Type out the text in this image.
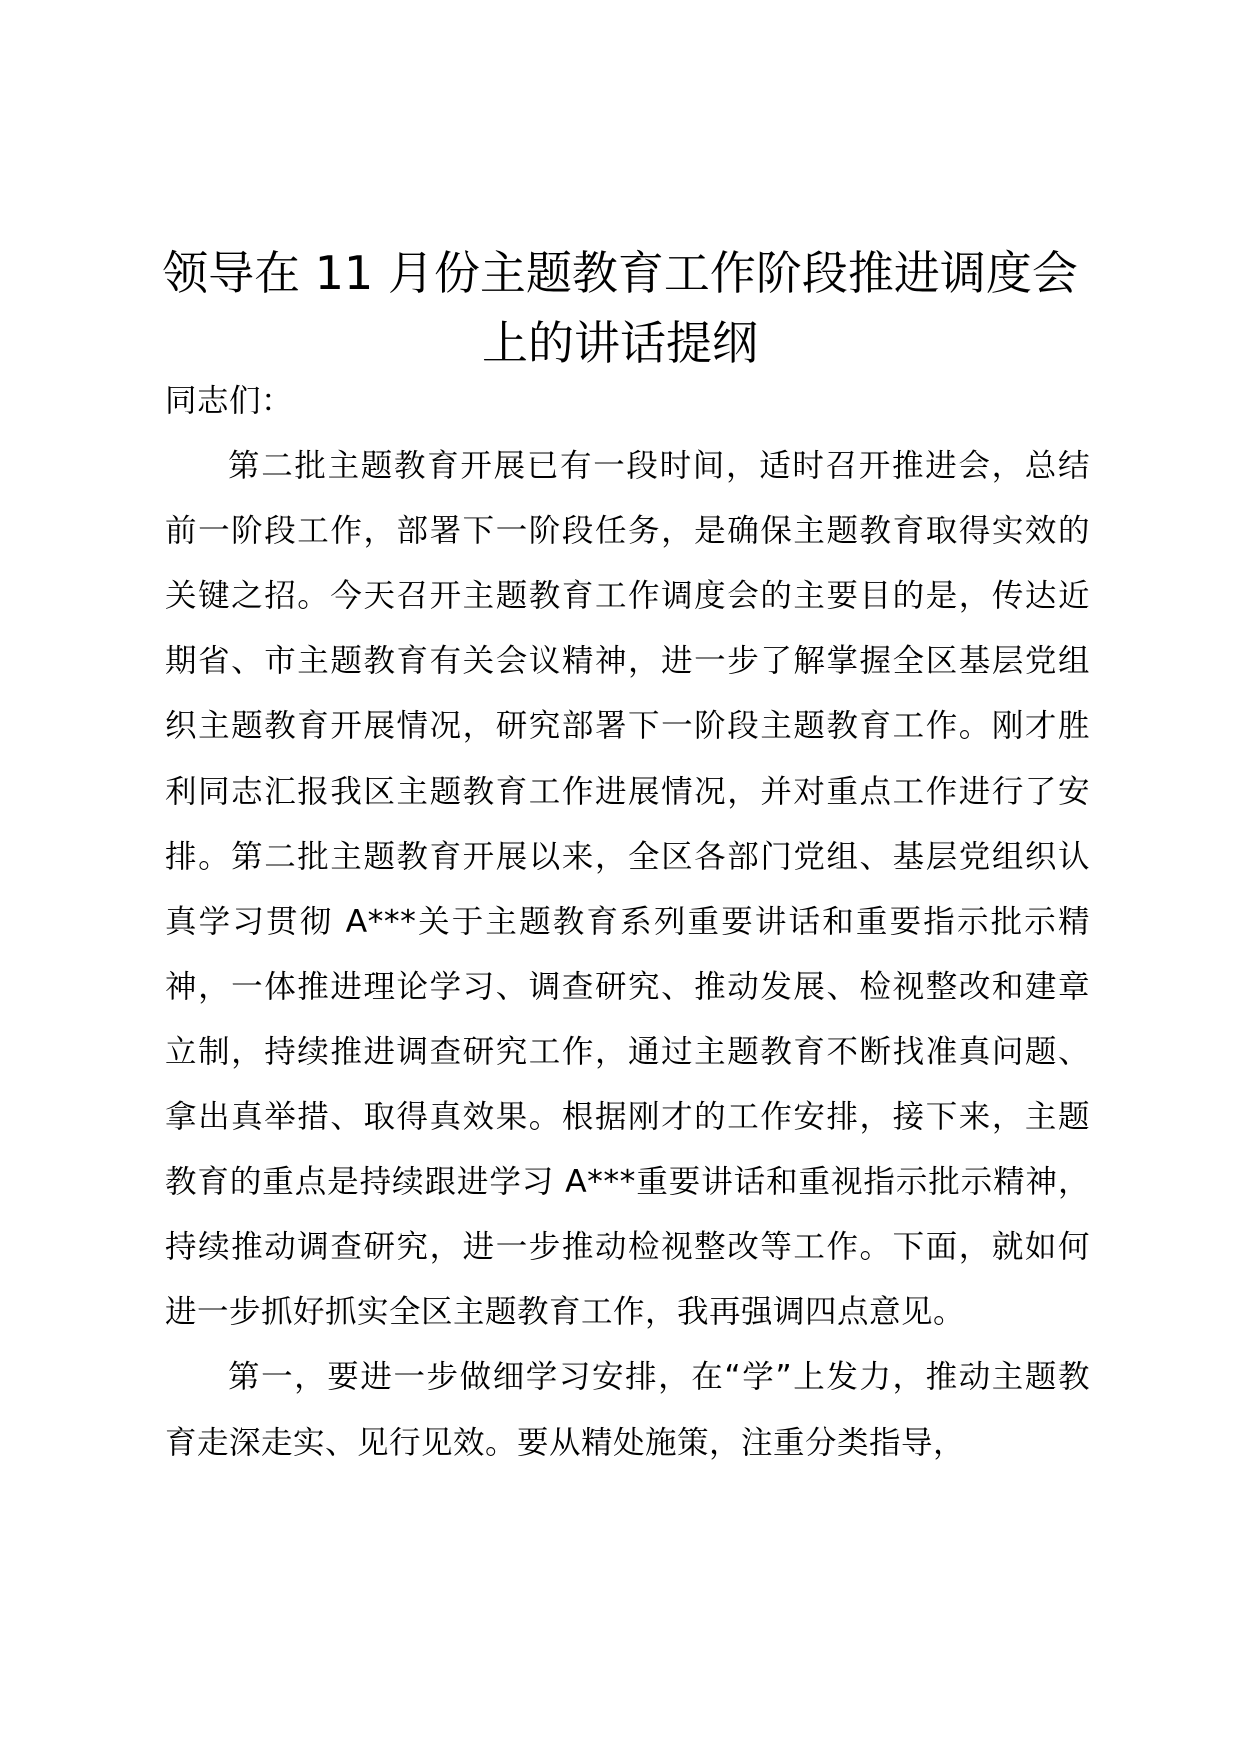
领导在 11 月份主题教育工作阶段推进调度会
上的讲话提纲

同志们：

第二批主题教育开展已有一段时间，适时召开推进会，总结前一阶段工作，部署下一阶段任务，是确保主题教育取得实效的关键之招。今天召开主题教育工作调度会的主要目的是，传达近期省、市主题教育有关会议精神，进一步了解掌握全区基层党组织主题教育开展情况，研究部署下一阶段主题教育工作。刚才胜利同志汇报我区主题教育工作进展情况，并对重点工作进行了安排。第二批主题教育开展以来，全区各部门党组、基层党组织认真学习贯彻 A***关于主题教育系列重要讲话和重要指示批示精神，一体推进理论学习、调查研究、推动发展、检视整改和建章立制，持续推进调查研究工作，通过主题教育不断找准真问题、拿出真举措、取得真效果。根据刚才的工作安排，接下来，主题教育的重点是持续跟进学习 A***重要讲话和重视指示批示精神，持续推动调查研究，进一步推动检视整改等工作。下面，就如何进一步抓好抓实全区主题教育工作，我再强调四点意见。

第一，要进一步做细学习安排，在“学”上发力，推动主题教育走深走实、见行见效。要从精处施策，注重分类指导，
